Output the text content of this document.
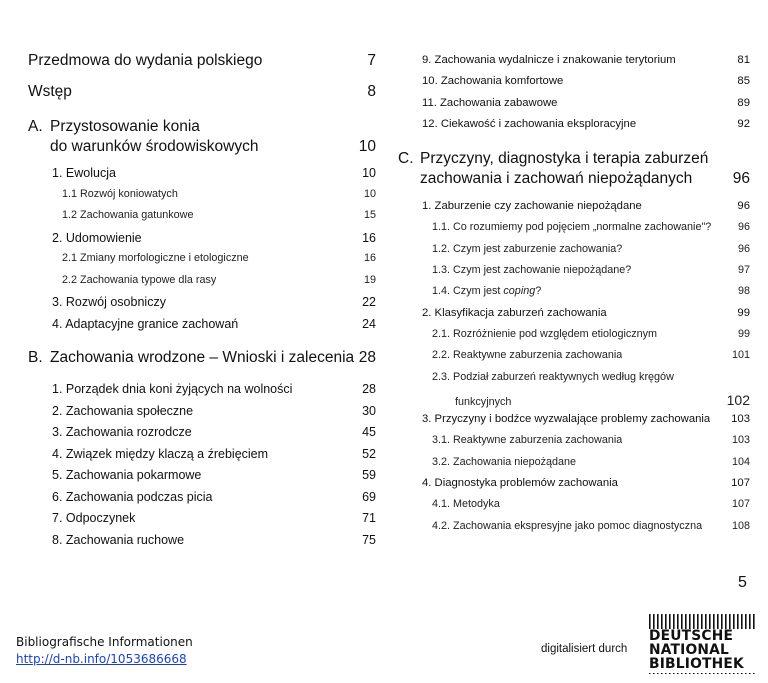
Przedmowa do wydania polskiego	7
Wstęp	8
A. Przystosowanie konia
do warunków środowiskowych	10
1. Ewolucja	10
1.1 Rozwój koniowatych	10
1.2 Zachowania gatunkowe	15
2. Udomowienie	16
2.1 Zmiany morfologiczne i etologiczne	16
2.2 Zachowania typowe dla rasy	19
3. Rozwój osobniczy	22
4. Adaptacyjne granice zachowań	24
B. Zachowania wrodzone – Wnioski i zalecenia 28
1. Porządek dnia koni żyjących na wolności	28
2. Zachowania społeczne	30
3. Zachowania rozrodcze	45
4. Związek między klaczą a źrebięciem	52
5. Zachowania pokarmowe	59
6. Zachowania podczas picia	69
7. Odpoczynek	71
8. Zachowania ruchowe	75
9. Zachowania wydalnicze i znakowanie terytorium	81
10. Zachowania komfortowe	85
11. Zachowania zabawowe	89
12. Ciekawość i zachowania eksploracyjne	92
C. Przyczyny, diagnostyka i terapia zaburzeń
zachowania i zachowań niepożądanych	96
1. Zaburzenie czy zachowanie niepożądane	96
1.1. Co rozumiemy pod pojęciem „normalne zachowanie"? 96
1.2. Czym jest zaburzenie zachowania?	96
1.3. Czym jest zachowanie niepożądane?	97
1.4. Czym jest coping?	98
2. Klasyfikacja zaburzeń zachowania	99
2.1. Rozróżnienie pod względem etiologicznym	99
2.2. Reaktywne zaburzenia zachowania	101
2.3. Podział zaburzeń reaktywnych według kręgów
funkcyjnych	102
3. Przyczyny i bodźce wyzwalające problemy zachowania 103
3.1. Reaktywne zaburzenia zachowania	103
3.2. Zachowania niepożądane	104
4. Diagnostyka problemów zachowania	107
4.1. Metodyka	107
4.2. Zachowania ekspresyjne jako pomoc diagnostyczna	108
5
Bibliografische Informationen
http://d-nb.info/1053686668
digitalisiert durch
DEUTSCHE
NATIONAL
BIBLIOTHEK
